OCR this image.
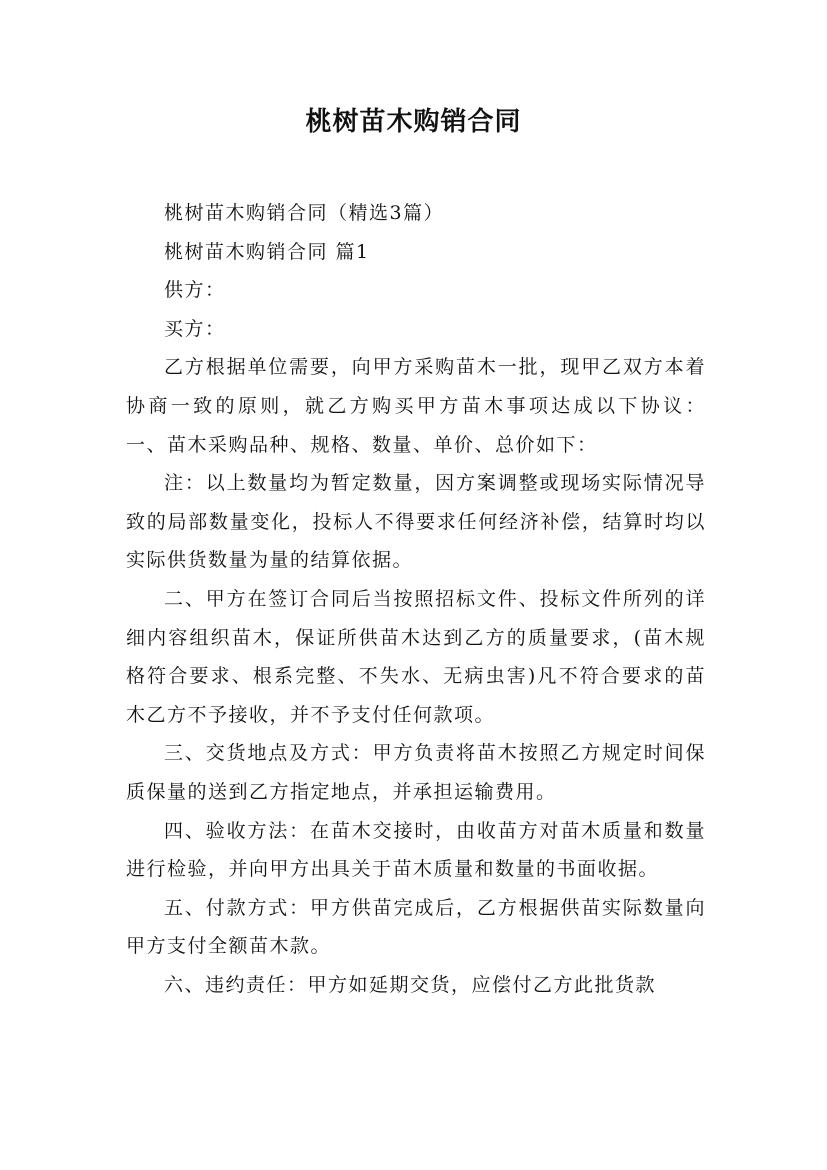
桃树苗木购销合同

桃树苗木购销合同（精选3篇）

桃树苗木购销合同 篇1

供方：

买方：

乙方根据单位需要，向甲方采购苗木一批，现甲乙双方本着协商一致的原则，就乙方购买甲方苗木事项达成以下协议： 一、苗木采购品种、规格、数量、单价、总价如下：

注：以上数量均为暂定数量，因方案调整或现场实际情况导致的局部数量变化，投标人不得要求任何经济补偿，结算时均以实际供货数量为量的结算依据。

二、甲方在签订合同后当按照招标文件、投标文件所列的详细内容组织苗木，保证所供苗木达到乙方的质量要求，(苗木规格符合要求、根系完整、不失水、无病虫害)凡不符合要求的苗木乙方不予接收，并不予支付任何款项。

三、交货地点及方式：甲方负责将苗木按照乙方规定时间保质保量的送到乙方指定地点，并承担运输费用。

四、验收方法：在苗木交接时，由收苗方对苗木质量和数量进行检验，并向甲方出具关于苗木质量和数量的书面收据。

五、付款方式：甲方供苗完成后，乙方根据供苗实际数量向甲方支付全额苗木款。

六、违约责任：甲方如延期交货，应偿付乙方此批货款
